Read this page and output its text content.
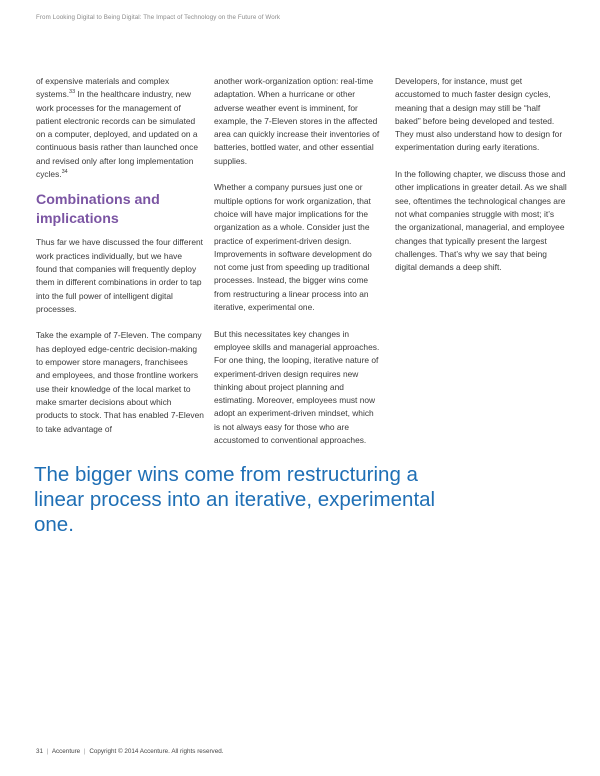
From Looking Digital to Being Digital: The Impact of Technology on the Future of Work

of expensive materials and complex systems.$^{33}$ In the healthcare industry, new work processes for the management of patient electronic records can be simulated on a computer, deployed, and updated on a continuous basis rather than launched once and revised only after long implementation cycles.$^{34}$

Combinations and implications

Thus far we have discussed the four different work practices individually, but we have found that companies will frequently deploy them in different combinations in order to tap into the full power of intelligent digital processes.

Take the example of 7-Eleven. The company has deployed edge-centric decision-making to empower store managers, franchisees and employees, and those frontline workers use their knowledge of the local market to make smarter decisions about which products to stock. That has enabled 7-Eleven to take advantage of

another work-organization option: real-time adaptation. When a hurricane or other adverse weather event is imminent, for example, the 7-Eleven stores in the affected area can quickly increase their inventories of batteries, bottled water, and other essential supplies.

Whether a company pursues just one or multiple options for work organization, that choice will have major implications for the organization as a whole. Consider just the practice of experiment-driven design. Improvements in software development do not come just from speeding up traditional processes. Instead, the bigger wins come from restructuring a linear process into an iterative, experimental one.

But this necessitates key changes in employee skills and managerial approaches. For one thing, the looping, iterative nature of experiment-driven design requires new thinking about project planning and estimating. Moreover, employees must now adopt an experiment-driven mindset, which is not always easy for those who are accustomed to conventional approaches.

Developers, for instance, must get accustomed to much faster design cycles, meaning that a design may still be “half baked” before being developed and tested. They must also understand how to design for experimentation during early iterations.

In the following chapter, we discuss those and other implications in greater detail. As we shall see, oftentimes the technological changes are not what companies struggle with most; it’s the organizational, managerial, and employee changes that typically present the largest challenges. That’s why we say that being digital demands a deep shift.

The bigger wins come from restructuring a linear process into an iterative, experimental one.
31 | Accenture | Copyright © 2014 Accenture. All rights reserved.
